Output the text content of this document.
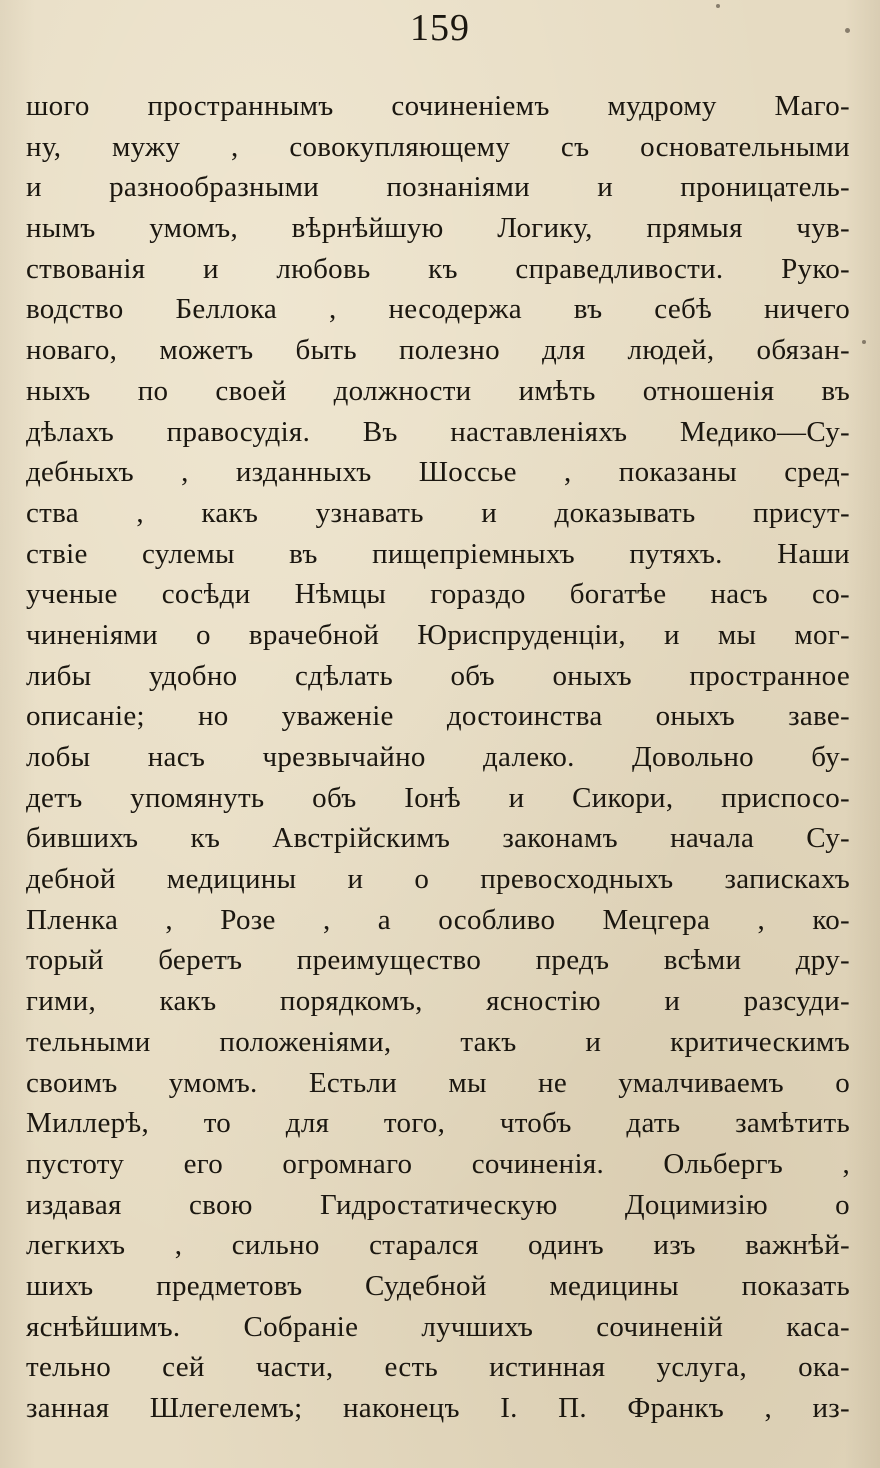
159
шого пространнымъ сочиненіемъ мудрому Маго-
ну, мужу , совокупляющему съ основательными
и разнообразными познаніями и проницатель-
нымъ умомъ, вѣрнѣйшую Логику, прямыя чув-
ствованія и любовь къ справедливости. Руко-
водство Беллока , несодержа въ себѣ ничего
новаго, можетъ быть полезно для людей, обязан-
ныхъ по своей должности имѣть отношенія въ
дѣлахъ правосудія. Въ наставленіяхъ Медико—Су-
дебныхъ , изданныхъ Шоссье , показаны сред-
ства , какъ узнавать и доказывать присут-
ствіе сулемы въ пищепріемныхъ путяхъ. Наши
ученые сосѣди Нѣмцы гораздо богатѣе насъ со-
чиненіями о врачебной Юриспруденціи, и мы мог-
либы удобно сдѣлать объ оныхъ пространное
описаніе; но уваженіе достоинства оныхъ заве-
лобы насъ чрезвычайно далеко. Довольно бу-
детъ упомянуть объ Іонѣ и Сикори, приспосо-
бившихъ къ Австрійскимъ законамъ начала Су-
дебной медицины и о превосходныхъ запискахъ
Пленка , Розе , а особливо Мецгера , ко-
торый беретъ преимущество предъ всѣми дру-
гими, какъ порядкомъ, ясностію и разсуди-
тельными положеніями, такъ и критическимъ
своимъ умомъ. Естьли мы не умалчиваемъ о
Миллерѣ, то для того, чтобъ дать замѣтить
пустоту его огромнаго сочиненія. Ольбергъ ,
издавая свою Гидростатическую Доцимизію о
легкихъ , сильно старался одинъ изъ важнѣй-
шихъ предметовъ Судебной медицины показать
яснѣйшимъ. Собраніе лучшихъ сочиненій каса-
тельно сей части, есть истинная услуга, ока-
занная Шлегелемъ; наконецъ І. П. Франкъ , из-
